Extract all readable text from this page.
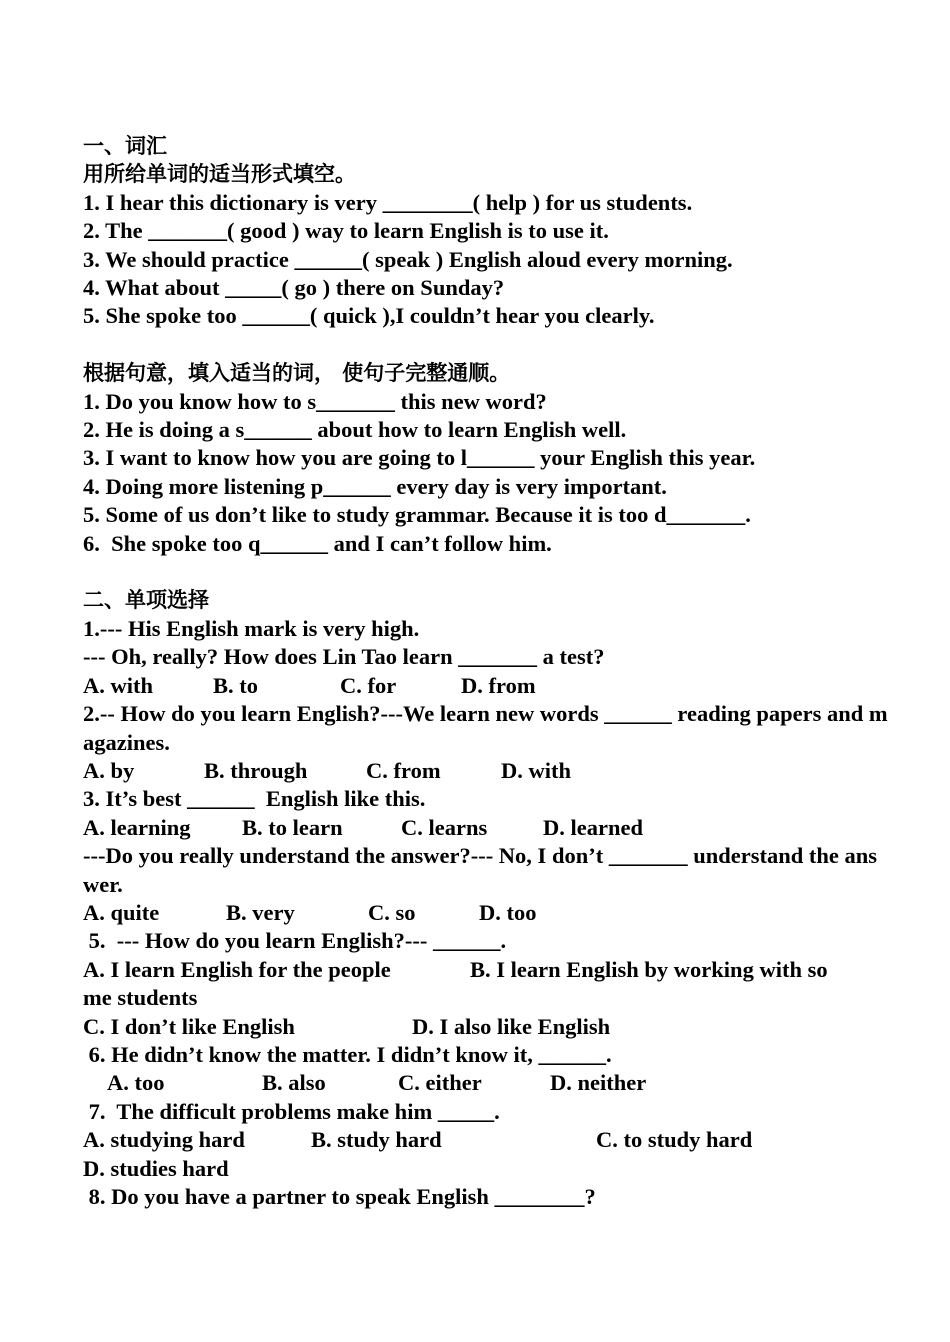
一、词汇

用所给单词的适当形式填空。

1. I hear this dictionary is very ________( help ) for us students.

2. The _______( good ) way to learn English is to use it.

3. We should practice ______( speak ) English aloud every morning.

4. What about _____( go ) there on Sunday?

5. She spoke too ______( quick ),I couldn’t hear you clearly.

根据句意，填入适当的词， 使句子完整通顺。

1. Do you know how to s_______ this new word?

2. He is doing a s______ about how to learn English well.

3. I want to know how you are going to l______ your English this year.

4. Doing more listening p______ every day is very important.

5. Some of us don’t like to study grammar. Because it is too d_______.

6.  She spoke too q______ and I can’t follow him.

二、单项选择

1.--- His English mark is very high.

--- Oh, really? How does Lin Tao learn _______ a test?

A. with	B. to	C. for	D. from

2.-- How do you learn English?---We learn new words ______ reading papers and magazines.

A. by	B. through	C. from	D. with

3. It’s best ______  English like this.

A. learning	B. to learn	C. learns	D. learned

---Do you really understand the answer?--- No, I don’t _______ understand the answer.

A. quite	B. very	C. so	D. too

5.  --- How do you learn English?--- ______.

A. I learn English for the people	B. I learn English by working with so

me students

C. I don’t like English	D. I also like English

6. He didn’t know the matter. I didn’t know it, ______.

A. too	B. also	C. either	D. neither

7.  The difficult problems make him _____.

A. studying hard	B. study hard	C. to study hard

D. studies hard

8. Do you have a partner to speak English ________?
